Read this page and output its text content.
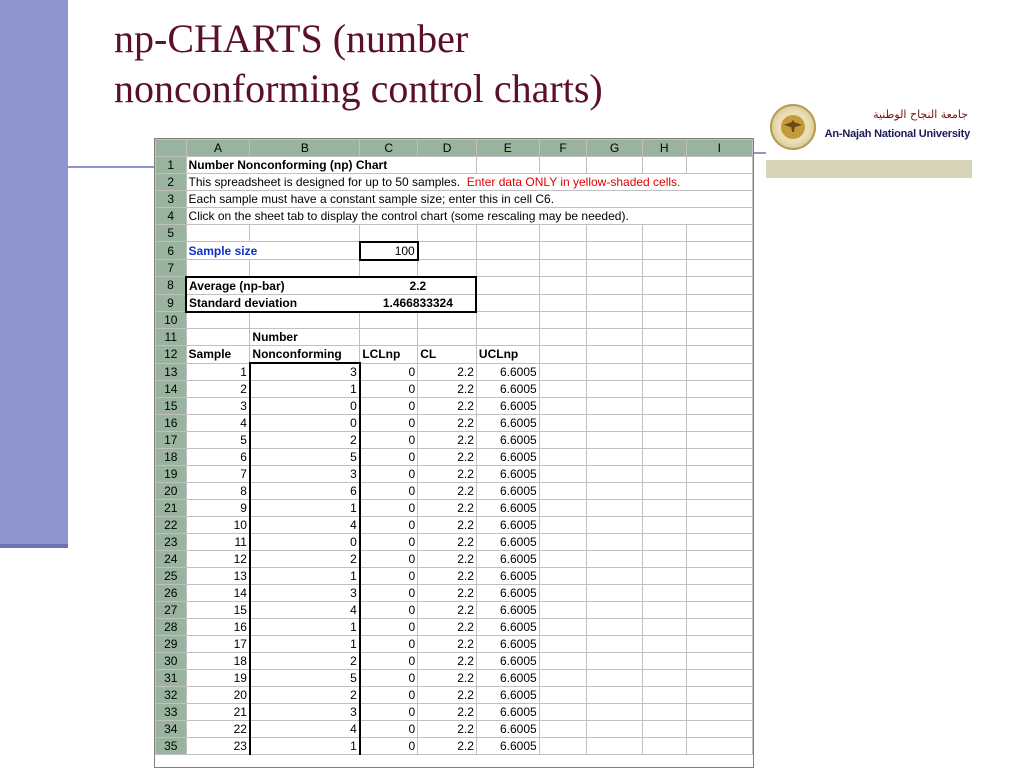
np-CHARTS (number
nonconforming control charts)
جامعة النجاح الوطنية
An-Najah National University
	A	B	C	D	E	F	G	H	I
1	Number Nonconforming (np) Chart								
2	This spreadsheet is designed for up to 50 samples. Enter data ONLY in yellow-shaded cells.								
3	Each sample must have a constant sample size; enter this in cell C6.								
4	Click on the sheet tab to display the control chart (some rescaling may be needed).								
5									
6	Sample size		100						
7									
8	Average (np-bar)		2.2						
9	Standard deviation		1.466833324						
10									
11		Number							
12	Sample	Nonconforming	LCLnp	CL	UCLnp				
13	1	3	0	2.2	6.6005				
14	2	1	0	2.2	6.6005				
15	3	0	0	2.2	6.6005				
16	4	0	0	2.2	6.6005				
17	5	2	0	2.2	6.6005				
18	6	5	0	2.2	6.6005				
19	7	3	0	2.2	6.6005				
20	8	6	0	2.2	6.6005				
21	9	1	0	2.2	6.6005				
22	10	4	0	2.2	6.6005				
23	11	0	0	2.2	6.6005				
24	12	2	0	2.2	6.6005				
25	13	1	0	2.2	6.6005				
26	14	3	0	2.2	6.6005				
27	15	4	0	2.2	6.6005				
28	16	1	0	2.2	6.6005				
29	17	1	0	2.2	6.6005				
30	18	2	0	2.2	6.6005				
31	19	5	0	2.2	6.6005				
32	20	2	0	2.2	6.6005				
33	21	3	0	2.2	6.6005				
34	22	4	0	2.2	6.6005				
35	23	1	0	2.2	6.6005				
